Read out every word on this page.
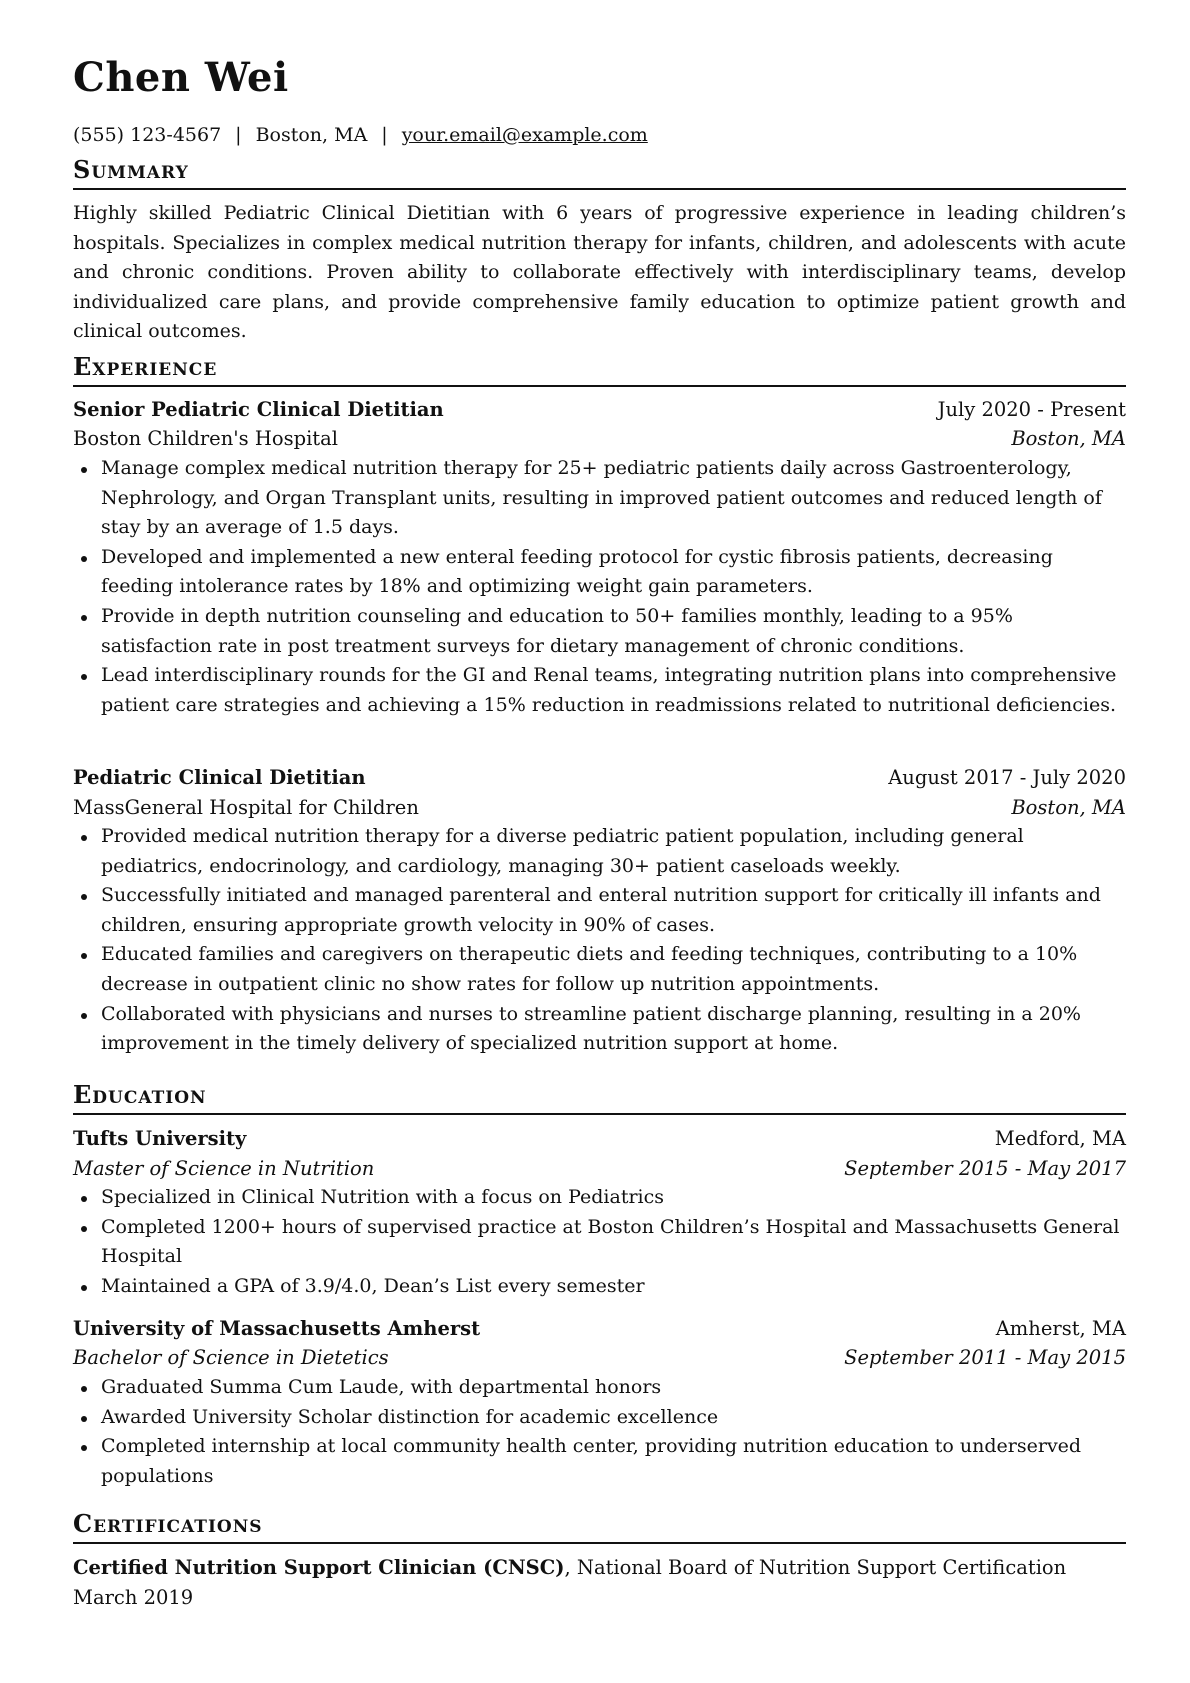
Chen Wei
(555) 123-4567 | Boston, MA | your.email@example.com
Summary
Highly skilled Pediatric Clinical Dietitian with 6 years of progressive experience in leading children’s hospitals. Specializes in complex medical nutrition therapy for infants, children, and adolescents with acute and chronic conditions. Proven ability to collaborate effectively with interdisciplinary teams, develop individualized care plans, and provide comprehensive family education to optimize patient growth and clinical outcomes.
Experience
Senior Pediatric Clinical Dietitian	July 2020 - Present
Boston Children's Hospital	Boston, MA
Manage complex medical nutrition therapy for 25+ pediatric patients daily across Gastroenterology, Nephrology, and Organ Transplant units, resulting in improved patient outcomes and reduced length of stay by an average of 1.5 days.
Developed and implemented a new enteral feeding protocol for cystic fibrosis patients, decreasing feeding intolerance rates by 18% and optimizing weight gain parameters.
Provide in depth nutrition counseling and education to 50+ families monthly, leading to a 95% satisfaction rate in post treatment surveys for dietary management of chronic conditions.
Lead interdisciplinary rounds for the GI and Renal teams, integrating nutrition plans into comprehensive patient care strategies and achieving a 15% reduction in readmissions related to nutritional deficiencies.
Pediatric Clinical Dietitian	August 2017 - July 2020
MassGeneral Hospital for Children	Boston, MA
Provided medical nutrition therapy for a diverse pediatric patient population, including general pediatrics, endocrinology, and cardiology, managing 30+ patient caseloads weekly.
Successfully initiated and managed parenteral and enteral nutrition support for critically ill infants and children, ensuring appropriate growth velocity in 90% of cases.
Educated families and caregivers on therapeutic diets and feeding techniques, contributing to a 10% decrease in outpatient clinic no show rates for follow up nutrition appointments.
Collaborated with physicians and nurses to streamline patient discharge planning, resulting in a 20% improvement in the timely delivery of specialized nutrition support at home.
Education
Tufts University	Medford, MA
Master of Science in Nutrition	September 2015 - May 2017
Specialized in Clinical Nutrition with a focus on Pediatrics
Completed 1200+ hours of supervised practice at Boston Children’s Hospital and Massachusetts General Hospital
Maintained a GPA of 3.9/4.0, Dean’s List every semester
University of Massachusetts Amherst	Amherst, MA
Bachelor of Science in Dietetics	September 2011 - May 2015
Graduated Summa Cum Laude, with departmental honors
Awarded University Scholar distinction for academic excellence
Completed internship at local community health center, providing nutrition education to underserved populations
Certifications
Certified Nutrition Support Clinician (CNSC), National Board of Nutrition Support Certification
March 2019
